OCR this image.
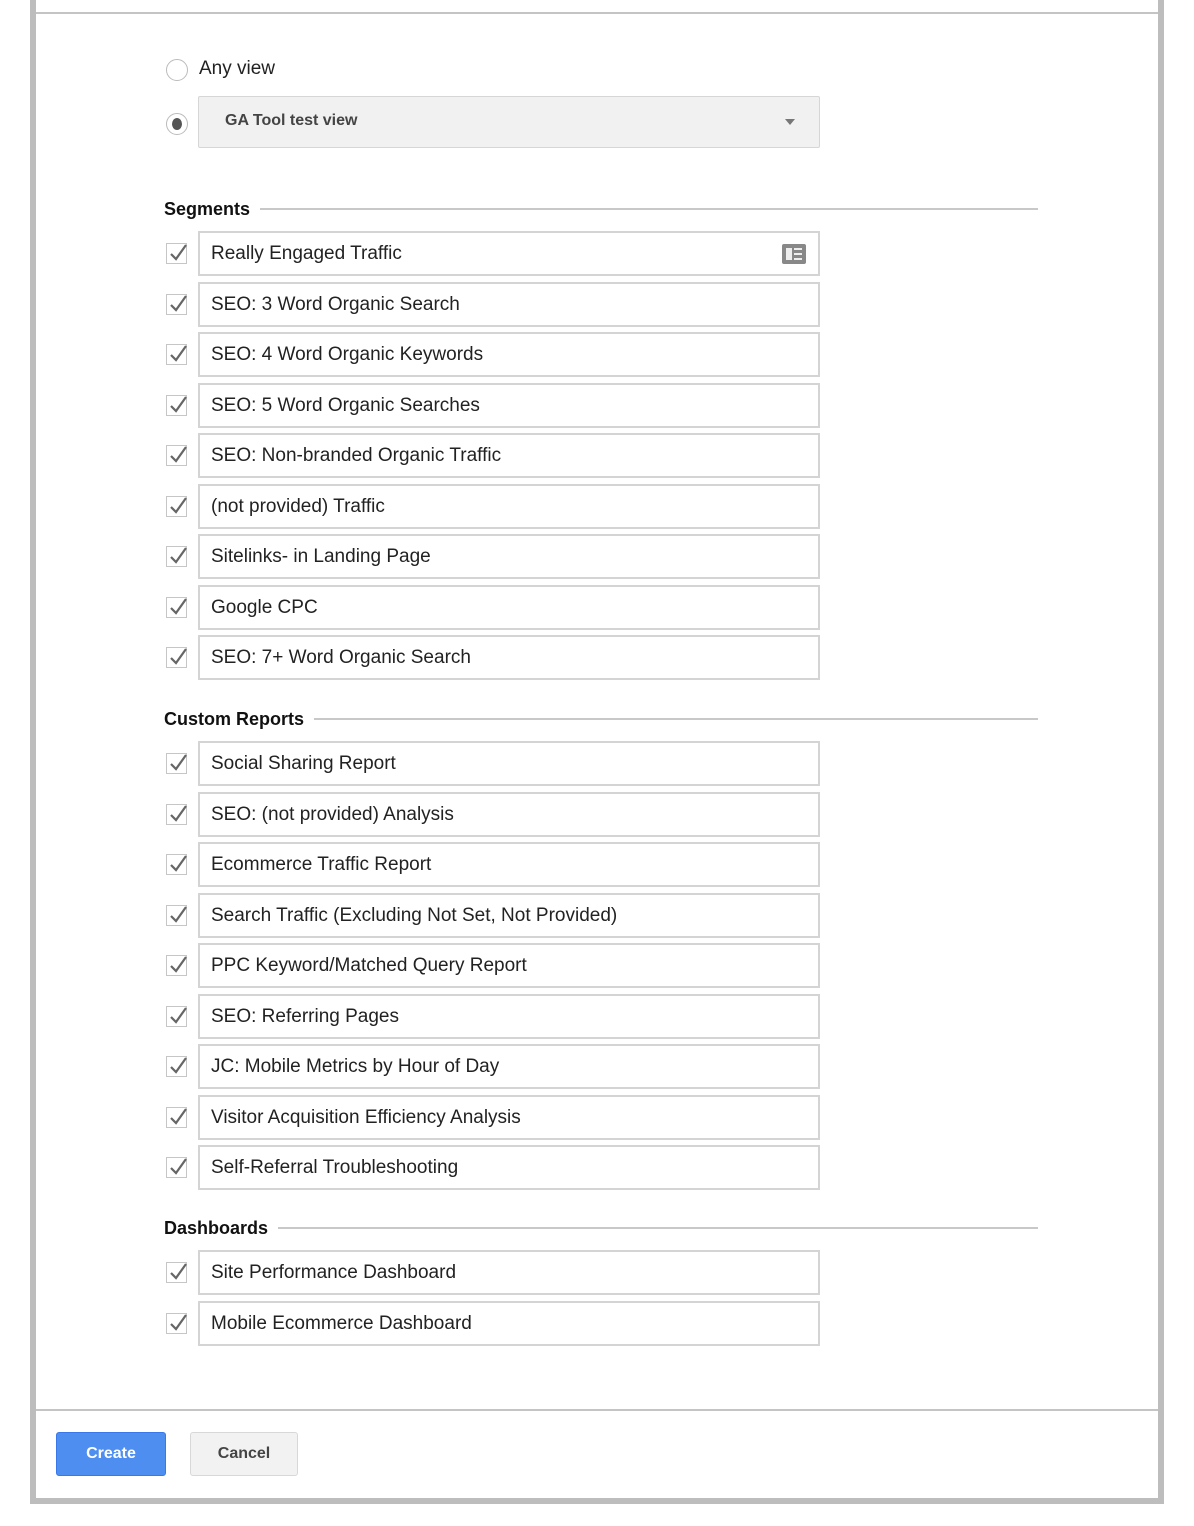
Any view
GA Tool test view
Segments
Really Engaged Traffic
SEO: 3 Word Organic Search
SEO: 4 Word Organic Keywords
SEO: 5 Word Organic Searches
SEO: Non-branded Organic Traffic
(not provided) Traffic
Sitelinks- in Landing Page
Google CPC
SEO: 7+ Word Organic Search
Custom Reports
Social Sharing Report
SEO: (not provided) Analysis
Ecommerce Traffic Report
Search Traffic (Excluding Not Set, Not Provided)
PPC Keyword/Matched Query Report
SEO: Referring Pages
JC: Mobile Metrics by Hour of Day
Visitor Acquisition Efficiency Analysis
Self-Referral Troubleshooting
Dashboards
Site Performance Dashboard
Mobile Ecommerce Dashboard
Create	Cancel
